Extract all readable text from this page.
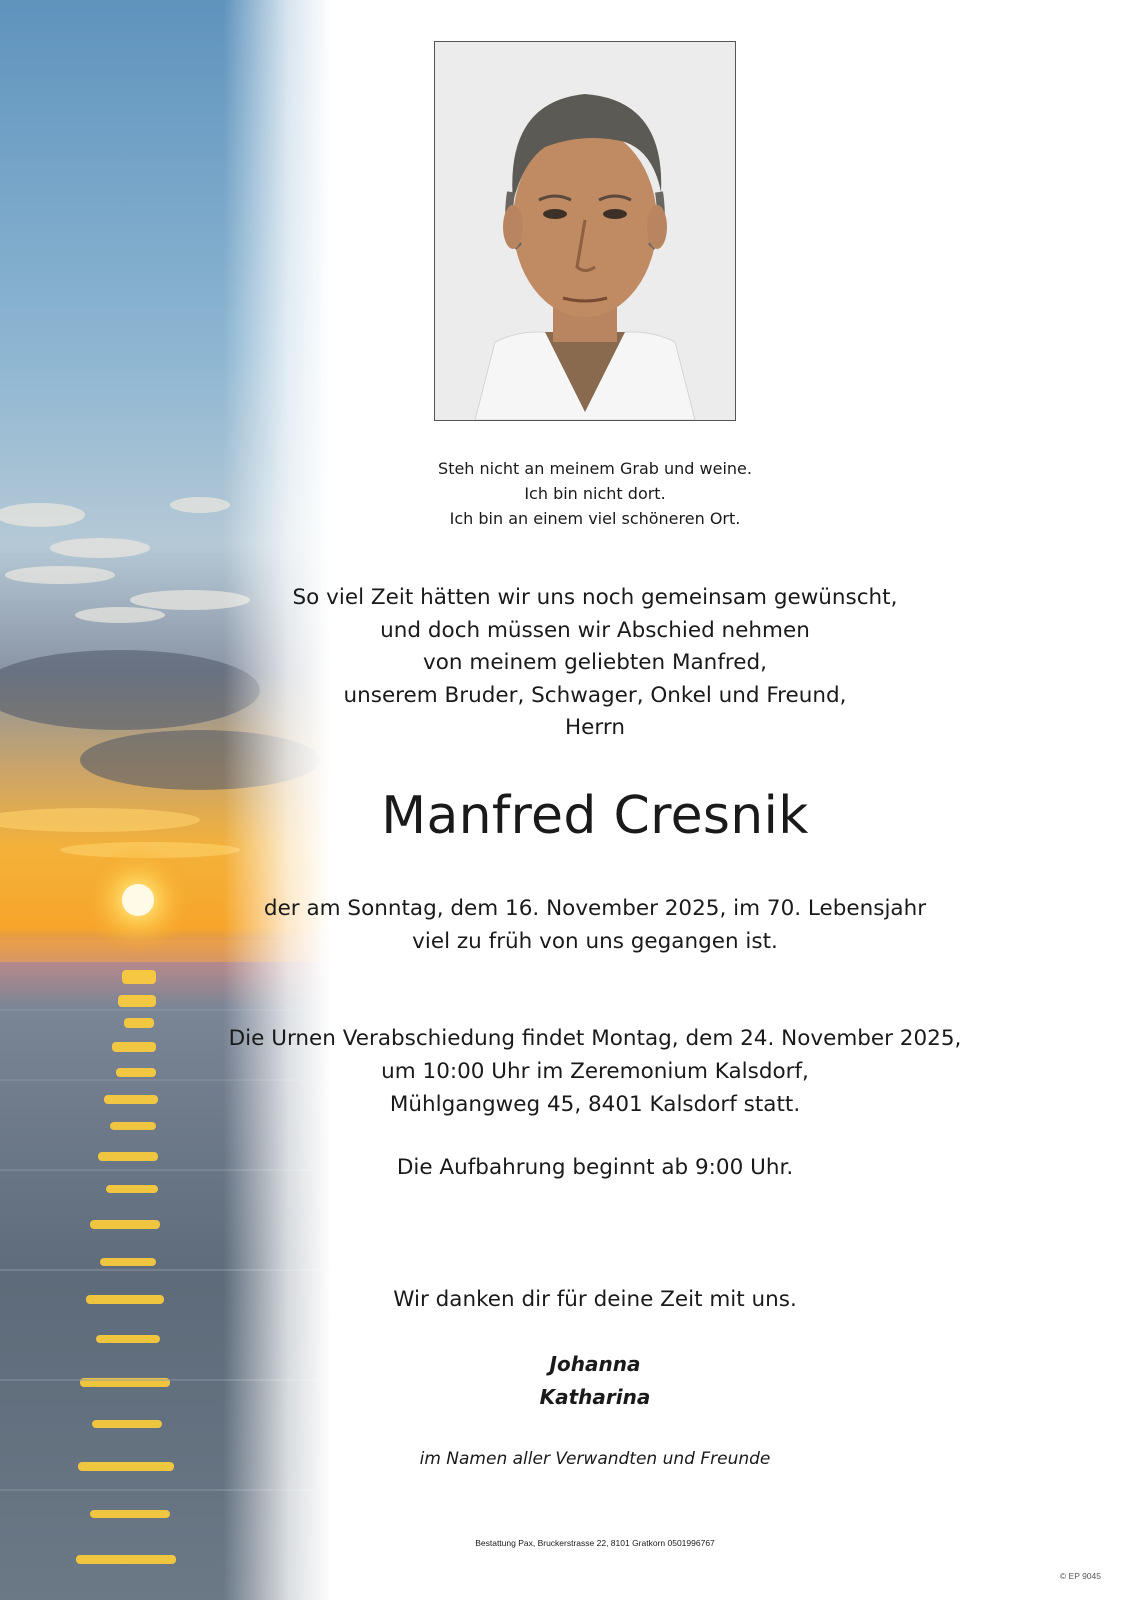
Steh nicht an meinem Grab und weine.

Ich bin nicht dort.

Ich bin an einem viel schöneren Ort.

So viel Zeit hätten wir uns noch gemeinsam gewünscht,

und doch müssen wir Abschied nehmen

von meinem geliebten Manfred,

unserem Bruder, Schwager, Onkel und Freund,

Herrn

Manfred Cresnik

der am Sonntag, dem 16. November 2025, im 70. Lebensjahr

viel zu früh von uns gegangen ist.

Die Urnen Verabschiedung findet Montag, dem 24. November 2025,

um 10:00 Uhr im Zeremonium Kalsdorf,

Mühlgangweg 45, 8401 Kalsdorf statt.

Die Aufbahrung beginnt ab 9:00 Uhr.

Wir danken dir für deine Zeit mit uns.

Johanna

Katharina

im Namen aller Verwandten und Freunde

Bestattung Pax, Bruckerstrasse 22, 8101 Gratkorn 0501996767

© EP 9045
